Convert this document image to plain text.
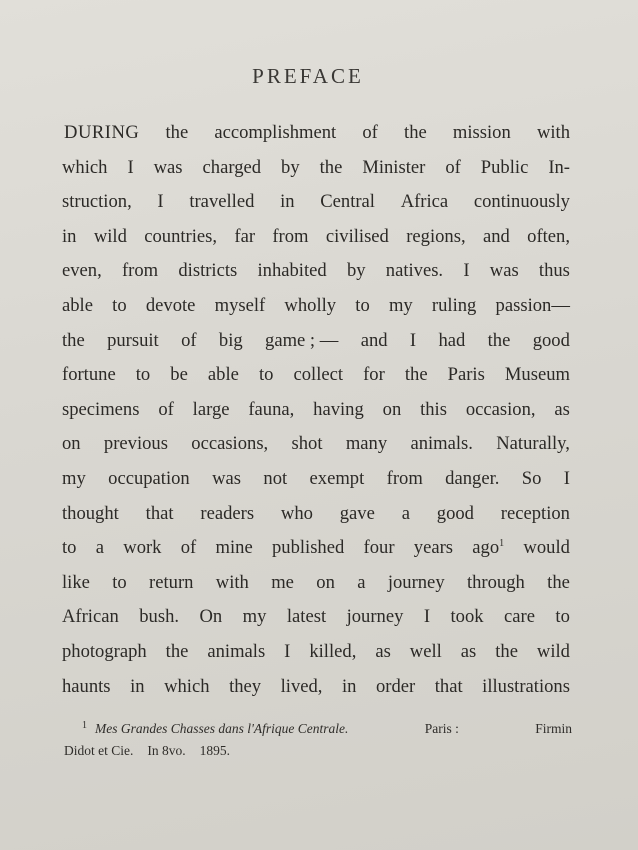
PREFACE
DURING the accomplishment of the mission with
which I was charged by the Minister of Public In-
struction, I travelled in Central Africa continuously
in wild countries, far from civilised regions, and often,
even, from districts inhabited by natives. I was thus
able to devote myself wholly to my ruling passion—
the pursuit of big game ; — and I had the good
fortune to be able to collect for the Paris Museum
specimens of large fauna, having on this occasion, as
on previous occasions, shot many animals. Naturally,
my occupation was not exempt from danger. So I
thought that readers who gave a good reception
to a work of mine published four years ago$^1$ would
like to return with me on a journey through the
African bush. On my latest journey I took care to
photograph the animals I killed, as well as the wild
haunts in which they lived, in order that illustrations
$^1$ Mes Grandes Chasses dans l'Afrique Centrale.	Paris :	Firmin
Didot et Cie. In 8vo. 1895.
